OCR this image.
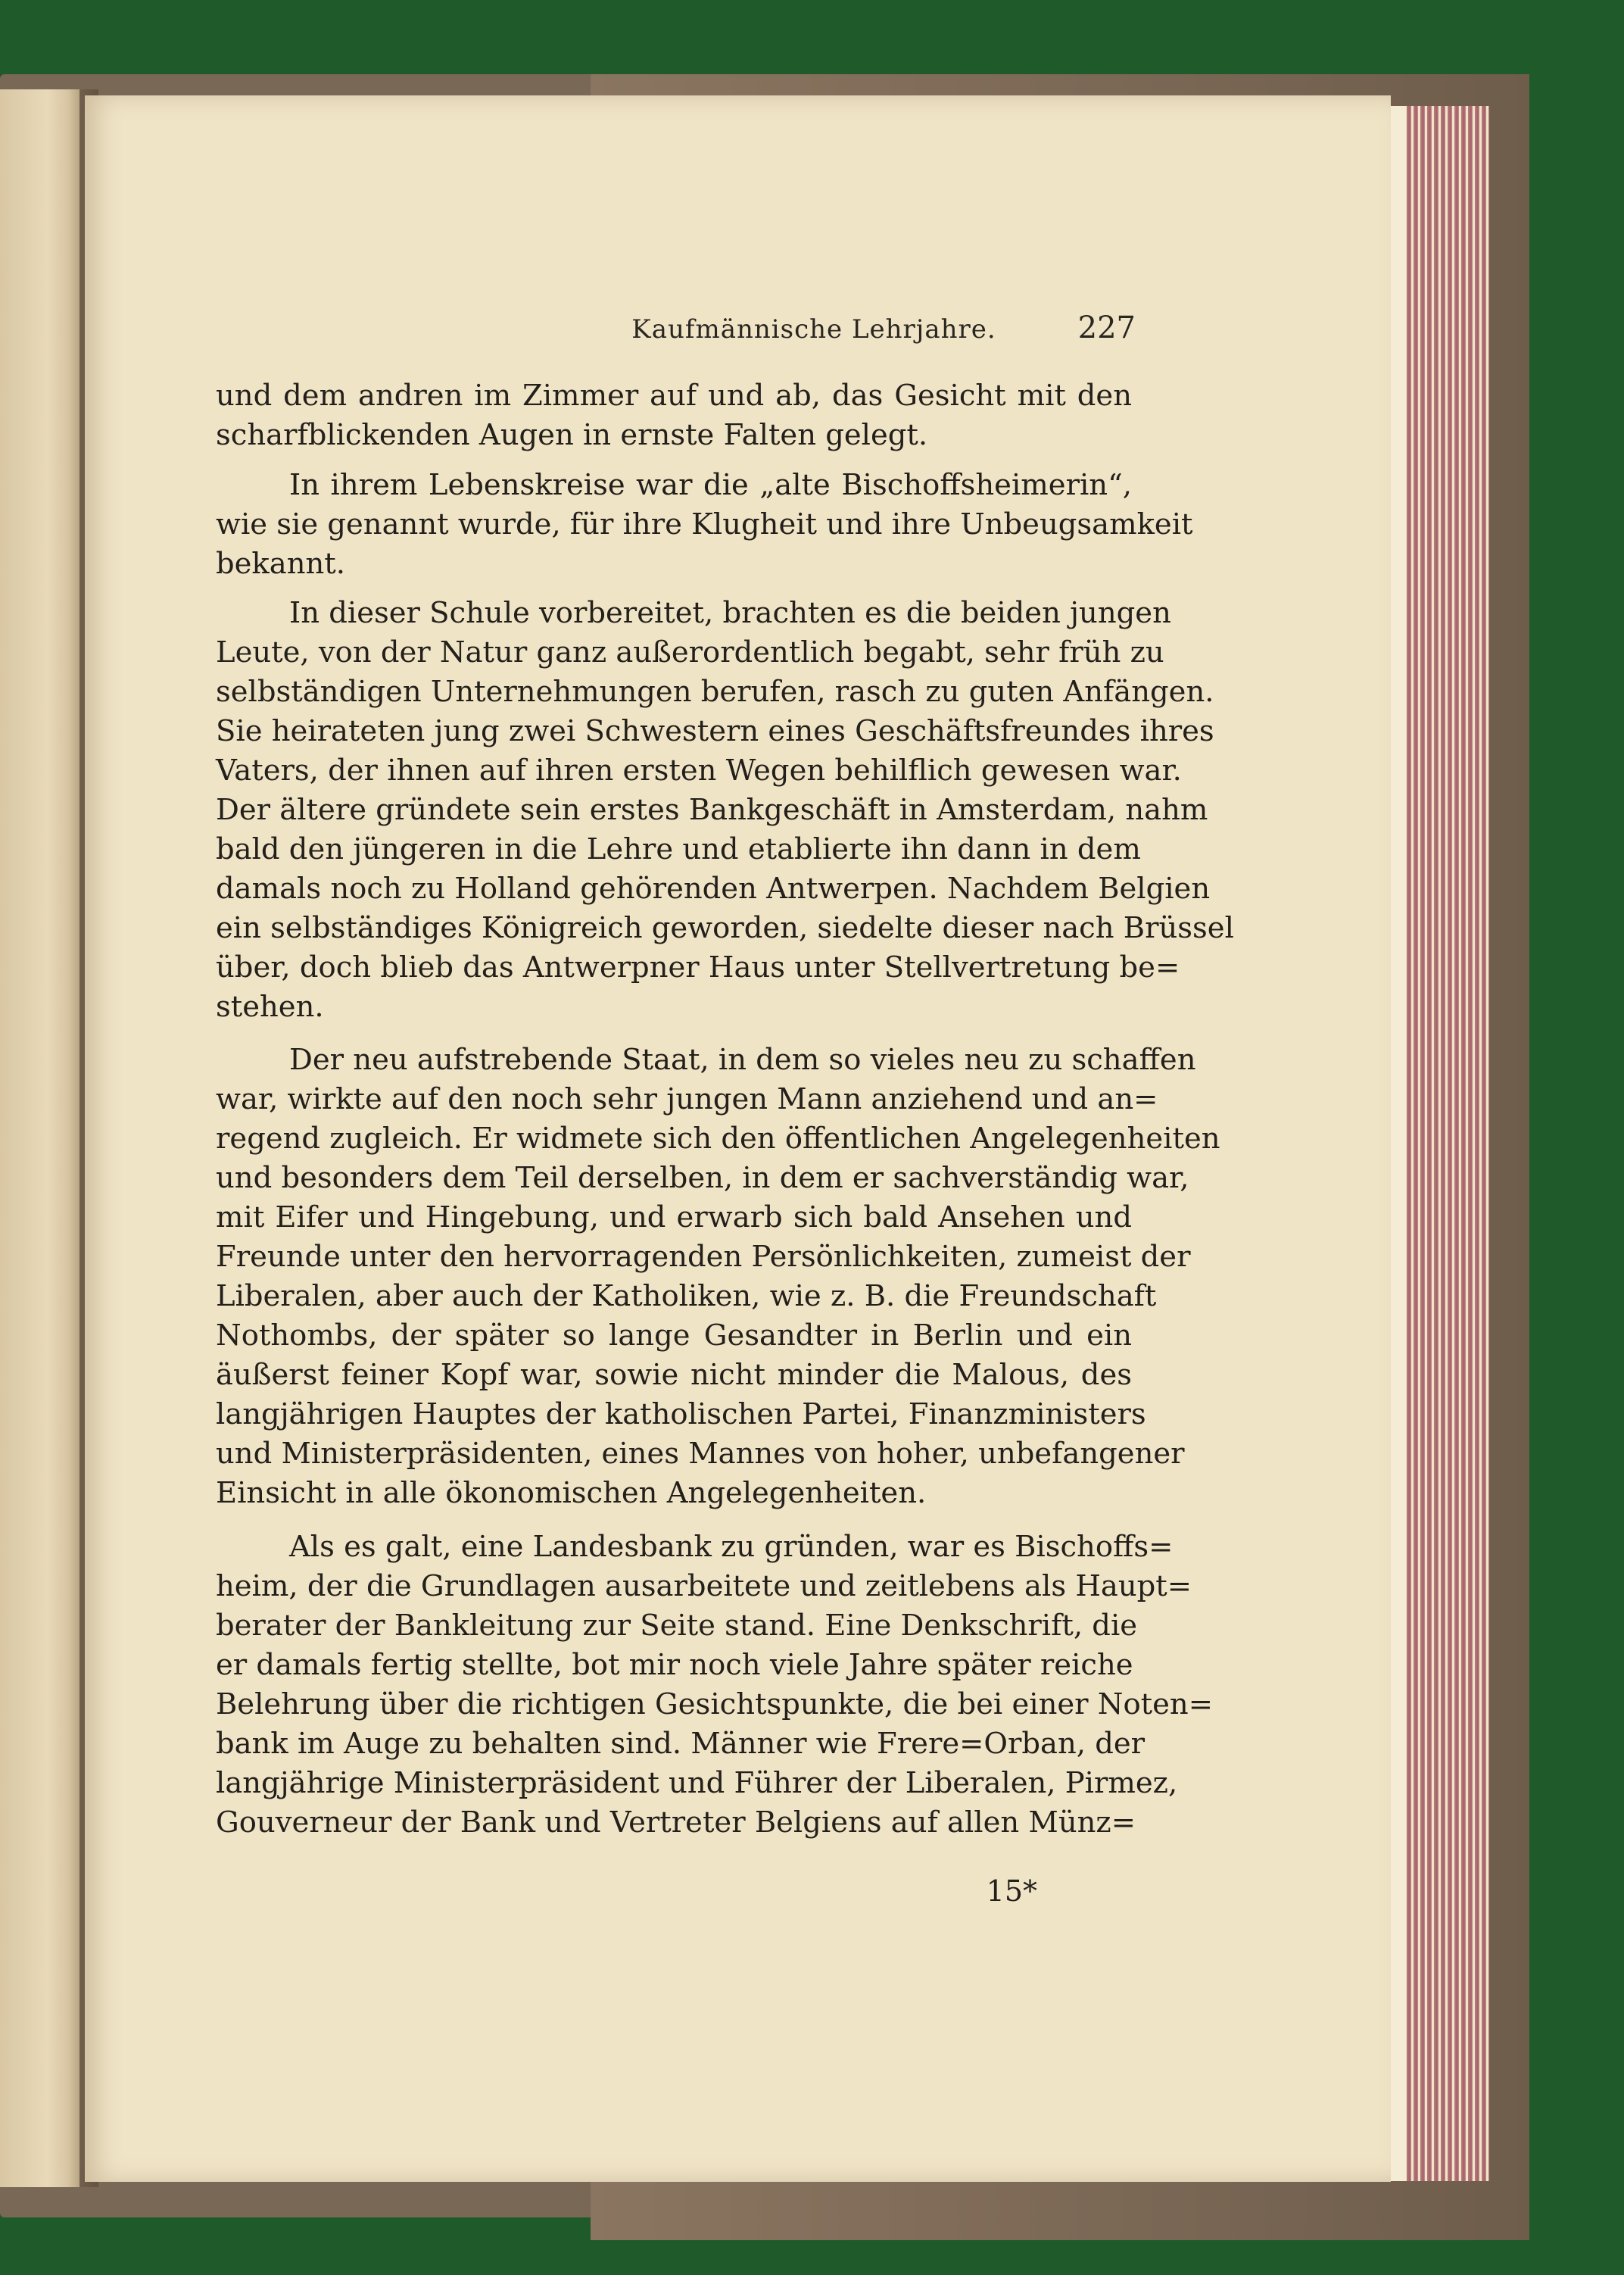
Kaufmännische Lehrjahre.	227
und dem andren im Zimmer auf und ab, das Gesicht mit den
scharfblickenden Augen in ernste Falten gelegt.
In ihrem Lebenskreise war die „alte Bischoffsheimerin“,
wie sie genannt wurde, für ihre Klugheit und ihre Unbeugsamkeit
bekannt.
In dieser Schule vorbereitet, brachten es die beiden jungen
Leute, von der Natur ganz außerordentlich begabt, sehr früh zu
selbständigen Unternehmungen berufen, rasch zu guten Anfängen.
Sie heirateten jung zwei Schwestern eines Geschäftsfreundes ihres
Vaters, der ihnen auf ihren ersten Wegen behilflich gewesen war.
Der ältere gründete sein erstes Bankgeschäft in Amsterdam, nahm
bald den jüngeren in die Lehre und etablierte ihn dann in dem
damals noch zu Holland gehörenden Antwerpen. Nachdem Belgien
ein selbständiges Königreich geworden, siedelte dieser nach Brüssel
über, doch blieb das Antwerpner Haus unter Stellvertretung be=
stehen.
Der neu aufstrebende Staat, in dem so vieles neu zu schaffen
war, wirkte auf den noch sehr jungen Mann anziehend und an=
regend zugleich. Er widmete sich den öffentlichen Angelegenheiten
und besonders dem Teil derselben, in dem er sachverständig war,
mit Eifer und Hingebung, und erwarb sich bald Ansehen und
Freunde unter den hervorragenden Persönlichkeiten, zumeist der
Liberalen, aber auch der Katholiken, wie z. B. die Freundschaft
Nothombs, der später so lange Gesandter in Berlin und ein
äußerst feiner Kopf war, sowie nicht minder die Malous, des
langjährigen Hauptes der katholischen Partei, Finanzministers
und Ministerpräsidenten, eines Mannes von hoher, unbefangener
Einsicht in alle ökonomischen Angelegenheiten.
Als es galt, eine Landesbank zu gründen, war es Bischoffs=
heim, der die Grundlagen ausarbeitete und zeitlebens als Haupt=
berater der Bankleitung zur Seite stand. Eine Denkschrift, die
er damals fertig stellte, bot mir noch viele Jahre später reiche
Belehrung über die richtigen Gesichtspunkte, die bei einer Noten=
bank im Auge zu behalten sind. Männer wie Frere=Orban, der
langjährige Ministerpräsident und Führer der Liberalen, Pirmez,
Gouverneur der Bank und Vertreter Belgiens auf allen Münz=
15*
